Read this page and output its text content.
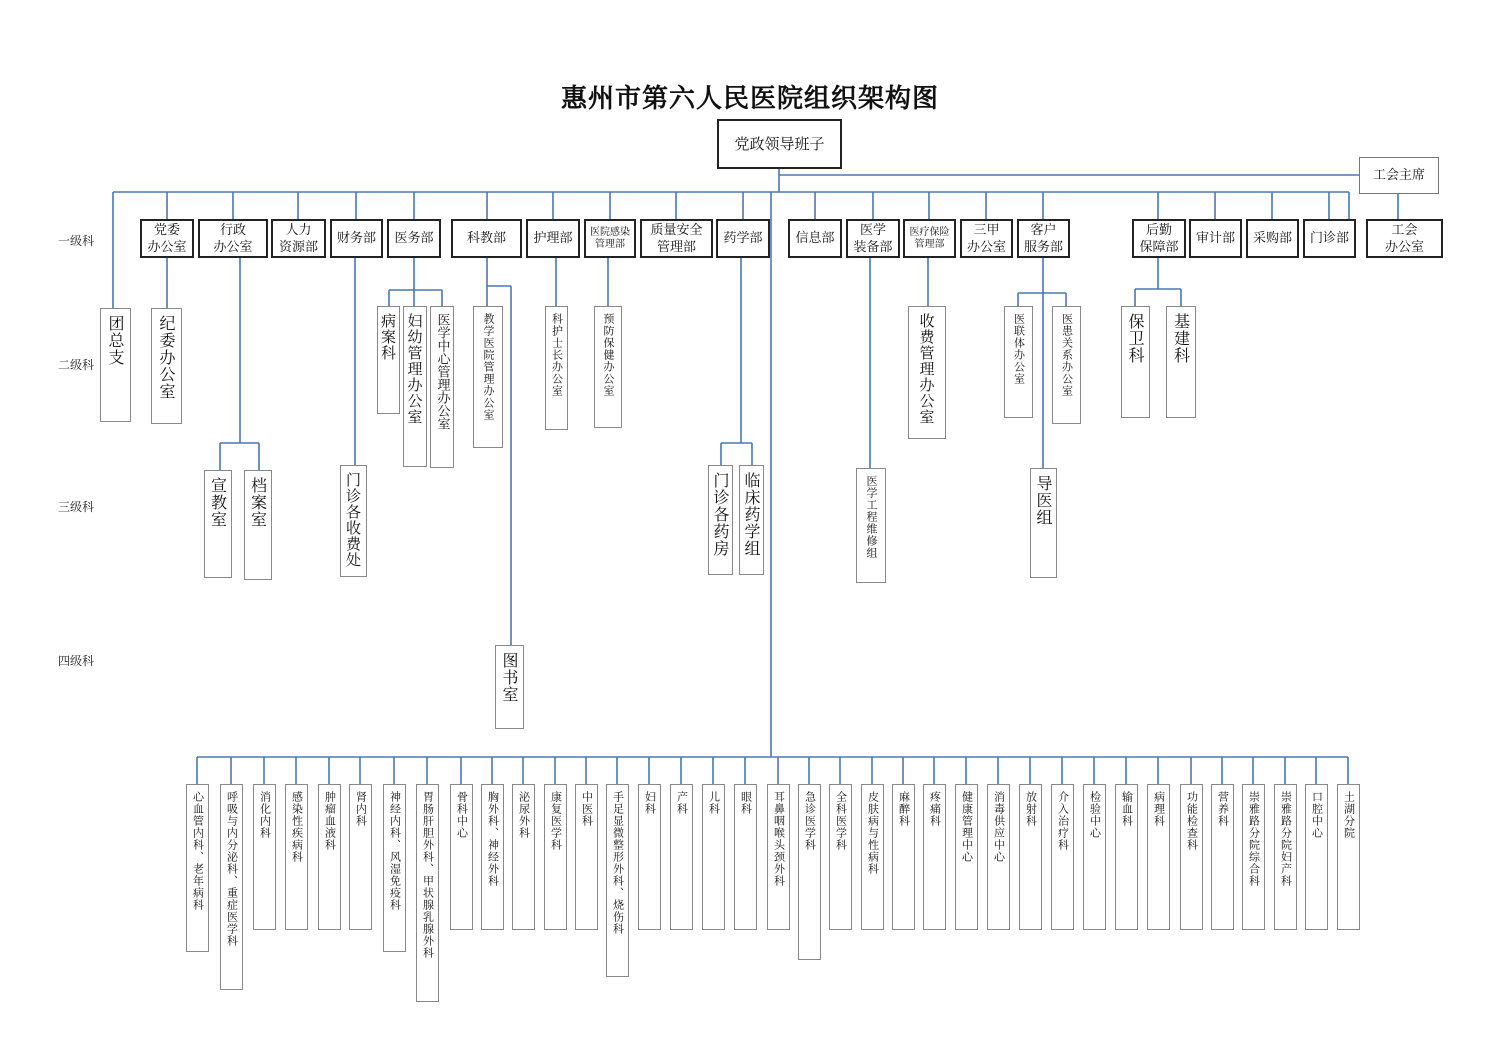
惠州市第六人民医院组织架构图
一级科
二级科
三级科
四级科
党政领导班子
工会主席
党委
办公室
行政
办公室
人力
资源部
财务部	医务部	科教部	护理部	医院感染
管理部
质量安全
管理部
药学部	信息部
医学
装备部
医疗保险
管理部
三甲
办公室
客户
服务部
后勤
保障部
审计部	采购部	门诊部
工会
办公室
团总支 纪委办公室	病案科 妇幼管理办公室 医学中心管理办公室	教学医院管理办公室	科护士长办公室	预防保健办公室	收费管理办公室	医联体办公室	医患关系办公室	保卫科 基建科
宣教室 档案室	门诊各收费处	门诊各药房 临床药学组	医学工程维修组	导医组
图书室
心血管内科、老年病科 呼吸与内分泌科、重症医学科 消化内科 感染性疾病科 肿瘤血液科 肾内科 神经内科、风湿免疫科 胃肠肝胆外科、甲状腺乳腺外科 骨科中心 胸外科、神经外科 泌尿外科 康复医学科 中医科 手足显微整形外科、烧伤科 妇科 产科 儿科 眼科 耳鼻咽喉头颈外科 急诊医学科 全科医学科 皮肤病与性病科 麻醉科 疼痛科 健康管理中心 消毒供应中心 放射科 介入治疗科 检验中心 输血科 病理科 功能检查科 营养科 崇雅路分院综合科 崇雅路分院妇产科 口腔中心 土湖分院
